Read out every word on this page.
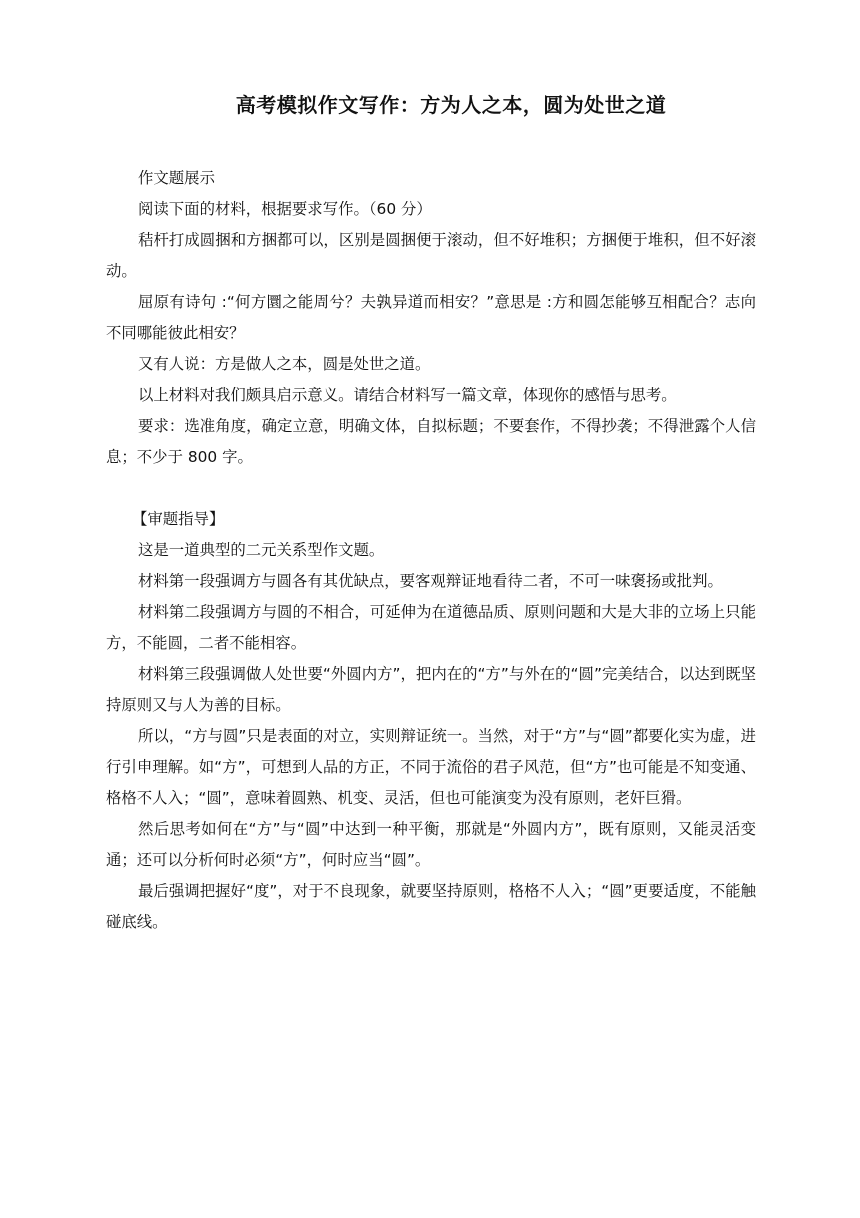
高考模拟作文写作：方为人之本，圆为处世之道

作文题展示

阅读下面的材料，根据要求写作。（60 分）

秸杆打成圆捆和方捆都可以，区别是圆捆便于滚动，但不好堆积；方捆便于堆积，但不好滚动。

屈原有诗句 :“何方圜之能周兮？夫孰异道而相安？”意思是 :方和圆怎能够互相配合？志向不同哪能彼此相安？

又有人说：方是做人之本，圆是处世之道。

以上材料对我们颇具启示意义。请结合材料写一篇文章，体现你的感悟与思考。

要求：选准角度，确定立意，明确文体，自拟标题；不要套作，不得抄袭；不得泄露个人信息；不少于 800 字。

【审题指导】

这是一道典型的二元关系型作文题。

材料第一段强调方与圆各有其优缺点，要客观辩证地看待二者，不可一味褒扬或批判。

材料第二段强调方与圆的不相合，可延伸为在道德品质、原则问题和大是大非的立场上只能方，不能圆，二者不能相容。

材料第三段强调做人处世要“外圆内方”，把内在的“方”与外在的“圆”完美结合，以达到既坚持原则又与人为善的目标。

所以，“方与圆”只是表面的对立，实则辩证统一。当然，对于“方”与“圆”都要化实为虚，进行引申理解。如“方”，可想到人品的方正，不同于流俗的君子风范，但“方”也可能是不知变通、格格不人入；“圆”，意味着圆熟、机变、灵活，但也可能演变为没有原则，老奸巨猾。

然后思考如何在“方”与“圆”中达到一种平衡，那就是“外圆内方”，既有原则，又能灵活变通；还可以分析何时必须“方”，何时应当“圆”。

最后强调把握好“度”，对于不良现象，就要坚持原则，格格不人入；“圆”更要适度，不能触碰底线。
